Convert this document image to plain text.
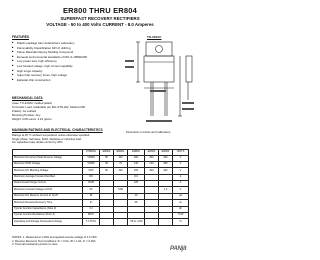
ER800 THRU ER804
SUPERFAST RECOVERY RECTIFIERS
VOLTAGE - 50 to 400 Volts CURRENT - 8.0 Amperes
FEATURES
■ Plastic package has Underwriters Laboratory
■ Flammability Classification 94V-O utilizing
■ Flame Retardant Epoxy Molding Compound
■ Exceeds environmental standards of MIL-S-19500/228
■ Low power loss, high efficiency
■ Low forward voltage, high current capability
■ High surge capacity
■ Super fast recovery times, high voltage
■ Epitaxial chip construction
MECHANICAL DATA
Case: TO-220AC molded plastic
Terminals: Lead, solderable per MIL-STD-202, Method 208
Polarity: As marked
Mounting Position: Any
Weight: 0.08 ounce, 2.24 grams
TO-220AC
Dimensions in inches and (millimeters)
MAXIMUM RATINGS AND ELECTRICAL CHARACTERISTICS
Ratings at 25 °C ambient temperature unless otherwise specified.
Single phase, half wave, 60Hz, Resistive or inductive load.
For capacitive load, derate current by 20%.
	SYMBOL	ER800	ER801	ER802	ER803	ER804	UNITS
Maximum Recurrent Peak Reverse Voltage	VRRM	50	100	200	300	400	V
Maximum RMS Voltage	VRMS	35	70	140	210	280	V
Maximum DC Blocking Voltage	VDC	50	100	200	300	400	V
Maximum Average Forward Rectified	IAV			8.0			A
Peak Forward Surge Current	IFSM			125			A
Maximum Forward Voltage at 8.0A	VF		0.95			1.3	V
Maximum DC Reverse Current at Tj=25	IR			10			µA
Maximum Reverse Recovery Time	trr			35			ns
Typical Junction Capacitance (Note 2)	CJ						pF
Typical Junction Resistance (Note 3)	RθJC						°C/W
Operating and Storage Temperature Range	TJ,TSTG			-55 to +150			°C
NOTES: 1. Measured at 1 MHz and applied reverse voltage of 4.0 VDC.
2. Reverse Recovery Test Conditions: IF = 0.5A, IR = 1.0A, Irr = 0.25A
3. Thermal resistance junction to case.
PANjit
